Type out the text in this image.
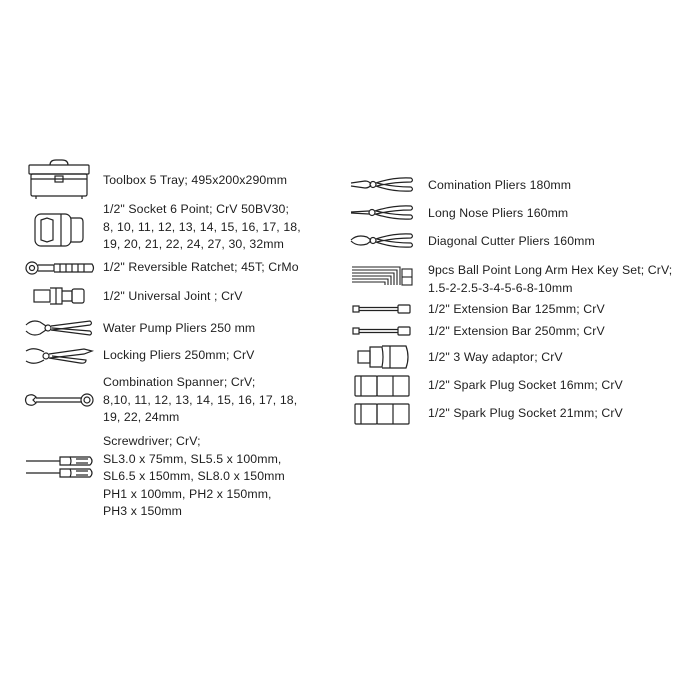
Toolbox 5 Tray; 495x200x290mm
1/2" Socket 6 Point; CrV 50BV30;
8, 10, 11, 12, 13, 14, 15, 16, 17, 18,
19, 20, 21, 22, 24, 27, 30, 32mm
1/2" Reversible Ratchet; 45T; CrMo
1/2" Universal Joint ; CrV
Water Pump Pliers 250 mm
Locking Pliers 250mm; CrV
Combination Spanner; CrV;
8,10, 11, 12, 13, 14, 15, 16, 17, 18,
19, 22, 24mm
Screwdriver; CrV;
SL3.0 x 75mm, SL5.5 x 100mm,
SL6.5 x 150mm, SL8.0 x 150mm
PH1 x 100mm, PH2 x 150mm,
PH3 x 150mm
Comination Pliers 180mm
Long Nose Pliers 160mm
Diagonal Cutter Pliers 160mm
9pcs Ball Point Long Arm Hex Key Set; CrV;
1.5-2-2.5-3-4-5-6-8-10mm
1/2" Extension Bar 125mm; CrV
1/2" Extension Bar 250mm; CrV
1/2" 3 Way adaptor; CrV
1/2" Spark Plug Socket 16mm; CrV
1/2" Spark Plug Socket 21mm; CrV
